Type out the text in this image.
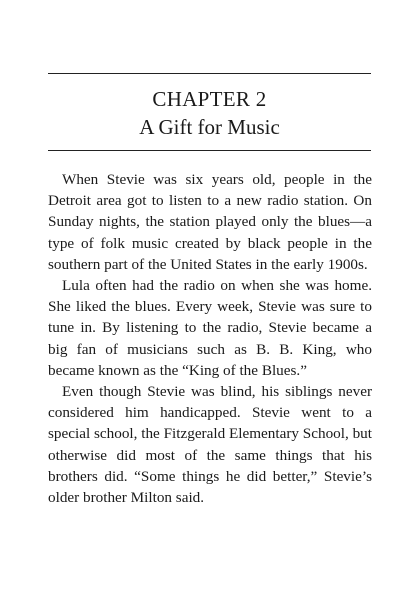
CHAPTER 2
A Gift for Music

When Stevie was six years old, people in the Detroit area got to listen to a new radio station. On Sunday nights, the station played only the blues—a type of folk music created by black people in the southern part of the United States in the early 1900s.

Lula often had the radio on when she was home. She liked the blues. Every week, Stevie was sure to tune in. By listening to the radio, Stevie became a big fan of musicians such as B. B. King, who became known as the “King of the Blues.”

Even though Stevie was blind, his siblings never considered him handicapped. Stevie went to a special school, the Fitzgerald Elementary School, but otherwise did most of the same things that his brothers did. “Some things he did better,” Stevie’s older brother Milton said.
